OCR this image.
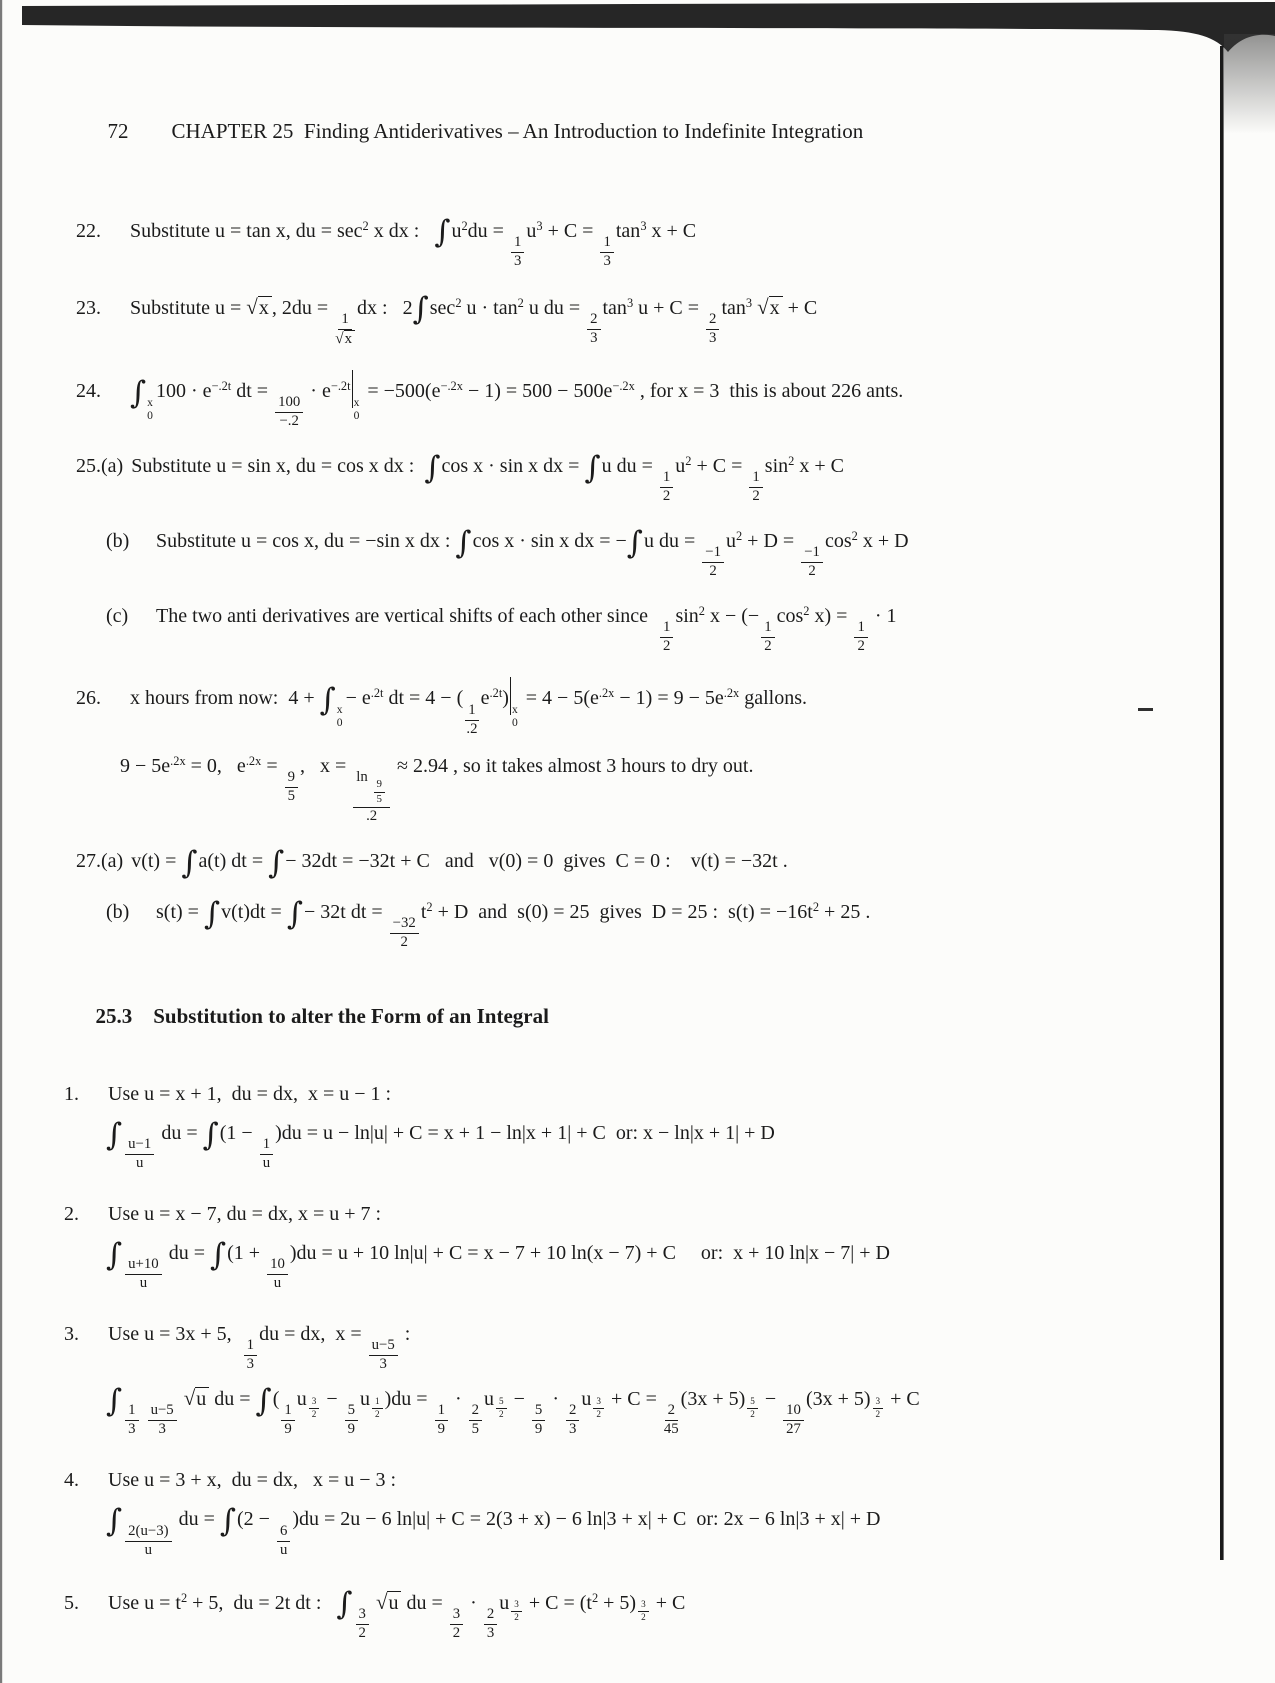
72 CHAPTER 25  Finding Antiderivatives – An Introduction to Indefinite Integration

22.	Substitute u = tan x, du = $\sec^2 x$ dx :   $\int u^2du$ =
$\frac{1}{3}$
$u^3 + C$ =
$\frac{1}{3}$
$\tan^3 x + C$
23.	Substitute u = √x , 2du =
$\frac{1}{√x}$
dx :   $2\int\sec^2$ $u \cdot \tan^2 u$ du =
$\frac{2}{3}$
$\tan^3 u + C$ =
$\frac{2}{3}$
$\tan^3 √x + C$
24. ∫ x
0
$100 \cdot e^{-.2t}$ dt =
$\frac{100}{-.2}$
· $e^{-.2t}$
x
0
= $-500(e^{-.2x} - 1) = 500 - 500e^{-.2x}$ , for x = 3  this is about 226 ants.
25.(a) Substitute u = sin x, du = cos x dx :  ∫cos x · sin x dx = ∫u du =
$\frac{1}{2}$
$u^2 + C$ =
$\frac{1}{2}$
$\sin^2 x + C$
(b)	Substitute u = cos x, du = −sin x dx : ∫cos x · sin x dx = −∫u du =
$\frac{-1}{2}$
$u^2 + D$ =
$\frac{-1}{2}$
$\cos^2 x + D$
(c)	The two anti derivatives are vertical shifts of each other since
$\frac{1}{2}$
$\sin^2 x$ − (−
$\frac{1}{2}$
$\cos^2 x$) =
$\frac{1}{2}$
· 1
26.	x hours from now:  4 + ∫ x
0
− $e^{.2t}$ dt = 4 − (
$\frac{1}{.2}$
$e^{.2t}$)
x
0
= $4 - 5(e^{.2x} - 1) = 9 - 5e^{.2x}$ gallons.
$9 - 5e^{.2x} = 0$,   $e^{.2x}$ =
$\frac{9}{5}$
,   x =
ln
$\frac{9}{5}$
.2
≈ 2.94 , so it takes almost 3 hours to dry out.
27.(a) v(t) = ∫a(t) dt = ∫− 32dt = −32t + C   and   v(0) = 0  gives  C = 0 :    v(t) = −32t .
(b)	s(t) = ∫v(t)dt = ∫− 32t dt =
$\frac{-32}{2}$
$t^2 + D$  and  s(0) = 25  gives  D = 25 :  $s(t) = -16t^2 + 25$ .

25.3  Substitution to alter the Form of an Integral

1.	Use u = x + 1,  du = dx,  x = u − 1 :
∫
$\frac{u-1}{u}$
du = ∫(1 −
$\frac{1}{u}$
)du = u − ln|u| + C = x + 1 − ln|x + 1| + C  or: x − ln|x + 1| + D
2.	Use u = x − 7, du = dx, x = u + 7 :
∫
$\frac{u+10}{u}$
du = ∫(1 +
$\frac{10}{u}$
)du = u + 10 ln|u| + C = x − 7 + 10 ln(x − 7) + C     or:  x + 10 ln|x − 7| + D
3.	Use u = 3x + 5,
$\frac{1}{3}$
du = dx,  x =
$\frac{u-5}{3}$
:
∫
$\frac{1}{3}$
$\frac{u-5}{3}$
√u du = ∫(
$\frac{1}{9}$
u $^{\frac{3}{2}}$ −
$\frac{5}{9}$
u $^{\frac{1}{2}}$ )du =
$\frac{1}{9}$
·
$\frac{2}{5}$
u $^{\frac{5}{2}}$ −
$\frac{5}{9}$
·
$\frac{2}{3}$
u $^{\frac{3}{2}}$ + C =
$\frac{2}{45}$
(3x + 5) $^{\frac{5}{2}}$ −
$\frac{10}{27}$
(3x + 5) $^{\frac{3}{2}}$ + C
4.	Use u = 3 + x,  du = dx,   x = u − 3 :
∫
$\frac{2(u-3)}{u}$
du = ∫(2 −
$\frac{6}{u}$
)du = 2u − 6 ln|u| + C = 2(3 + x) − 6 ln|3 + x| + C  or: 2x − 6 ln|3 + x| + D
5.	Use $u = t^2 + 5$,  du = 2t dt :   ∫
$\frac{3}{2}$
√u du =
$\frac{3}{2}$
·
$\frac{2}{3}$
u $^{\frac{3}{2}} + C = (t^2 + 5) ^{\frac{3}{2}} + C$
